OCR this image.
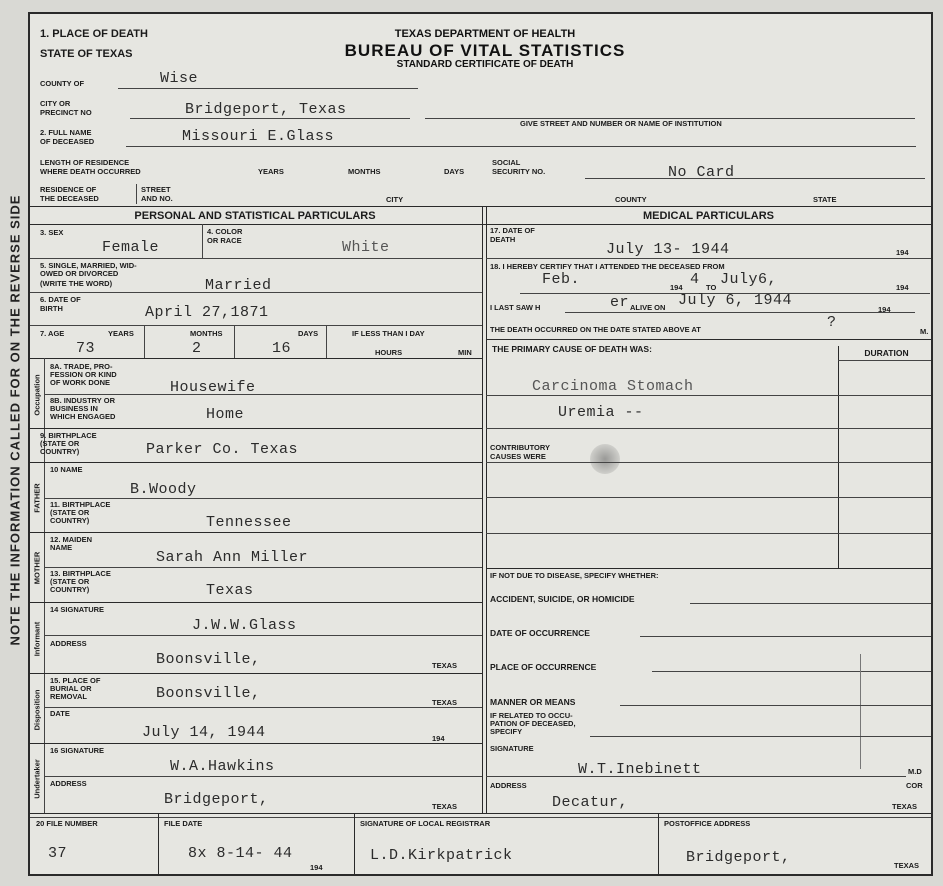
NOTE THE INFORMATION CALLED FOR ON THE REVERSE SIDE
1. PLACE OF DEATH
STATE OF TEXAS
TEXAS DEPARTMENT OF HEALTH
BUREAU OF VITAL STATISTICS
STANDARD CERTIFICATE OF DEATH
COUNTY OF	Wise
CITY OR
PRECINCT NO	Bridgeport, Texas
GIVE STREET AND NUMBER OR NAME OF INSTITUTION
2. FULL NAME
OF DECEASED	Missouri E.Glass
LENGTH OF RESIDENCE
WHERE DEATH OCCURRED	YEARS	MONTHS	DAYS
SOCIAL
SECURITY NO.	No Card
RESIDENCE OF
THE DECEASED
STREET
AND NO.	CITY	COUNTY	STATE
PERSONAL AND STATISTICAL PARTICULARS	MEDICAL PARTICULARS
3. SEX
Female
4. COLOR
OR RACE	White
5. SINGLE, MARRIED, WID-
OWED OR DIVORCED
(WRITE THE WORD)	Married
6. DATE OF
BIRTH	April 27,1871
7. AGE	YEARS	MONTHS	DAYS	IF LESS THAN I DAY
HOURS	MIN
73	2	16
Occupation
8A. TRADE, PRO-
FESSION OR KIND
OF WORK DONE	Housewife
8B. INDUSTRY OR
BUSINESS IN
WHICH ENGAGED	Home
9. BIRTHPLACE
(STATE OR
COUNTRY)	Parker Co. Texas
FATHER
10 NAME
B.Woody
11. BIRTHPLACE
(STATE OR
COUNTRY)	Tennessee
MOTHER
12. MAIDEN
NAME
Sarah Ann Miller
13. BIRTHPLACE
(STATE OR
COUNTRY)	Texas
Informant
14 SIGNATURE
J.W.W.Glass
ADDRESS
Boonsville,	TEXAS
Disposition
15. PLACE OF
BURIAL OR
REMOVAL	Boonsville,
TEXAS
DATE
July 14, 1944	194
Undertaker
16 SIGNATURE
W.A.Hawkins
ADDRESS
Bridgeport,	TEXAS
17. DATE OF
DEATH
July 13- 1944	194
18. I HEREBY CERTIFY THAT I ATTENDED THE DECEASED FROM
Feb.	194 4 TO July6,	194
I LAST SAW H	er ALIVE ON July 6, 1944
194
THE DEATH OCCURRED ON THE DATE STATED ABOVE AT	?
M.
THE PRIMARY CAUSE OF DEATH WAS:	DURATION
Carcinoma Stomach
Uremia --
CONTRIBUTORY
CAUSES WERE
IF NOT DUE TO DISEASE, SPECIFY WHETHER:
ACCIDENT, SUICIDE, OR HOMICIDE
DATE OF OCCURRENCE
PLACE OF OCCURRENCE
MANNER OR MEANS
IF RELATED TO OCCU-
PATION OF DECEASED,
SPECIFY
SIGNATURE
W.T.Inebinett	M.D
COR
ADDRESS
Decatur,	TEXAS
20 FILE NUMBER
37
FILE DATE
8x 8-14- 44
194
SIGNATURE OF LOCAL REGISTRAR
L.D.Kirkpatrick
POSTOFFICE ADDRESS
Bridgeport,	TEXAS
